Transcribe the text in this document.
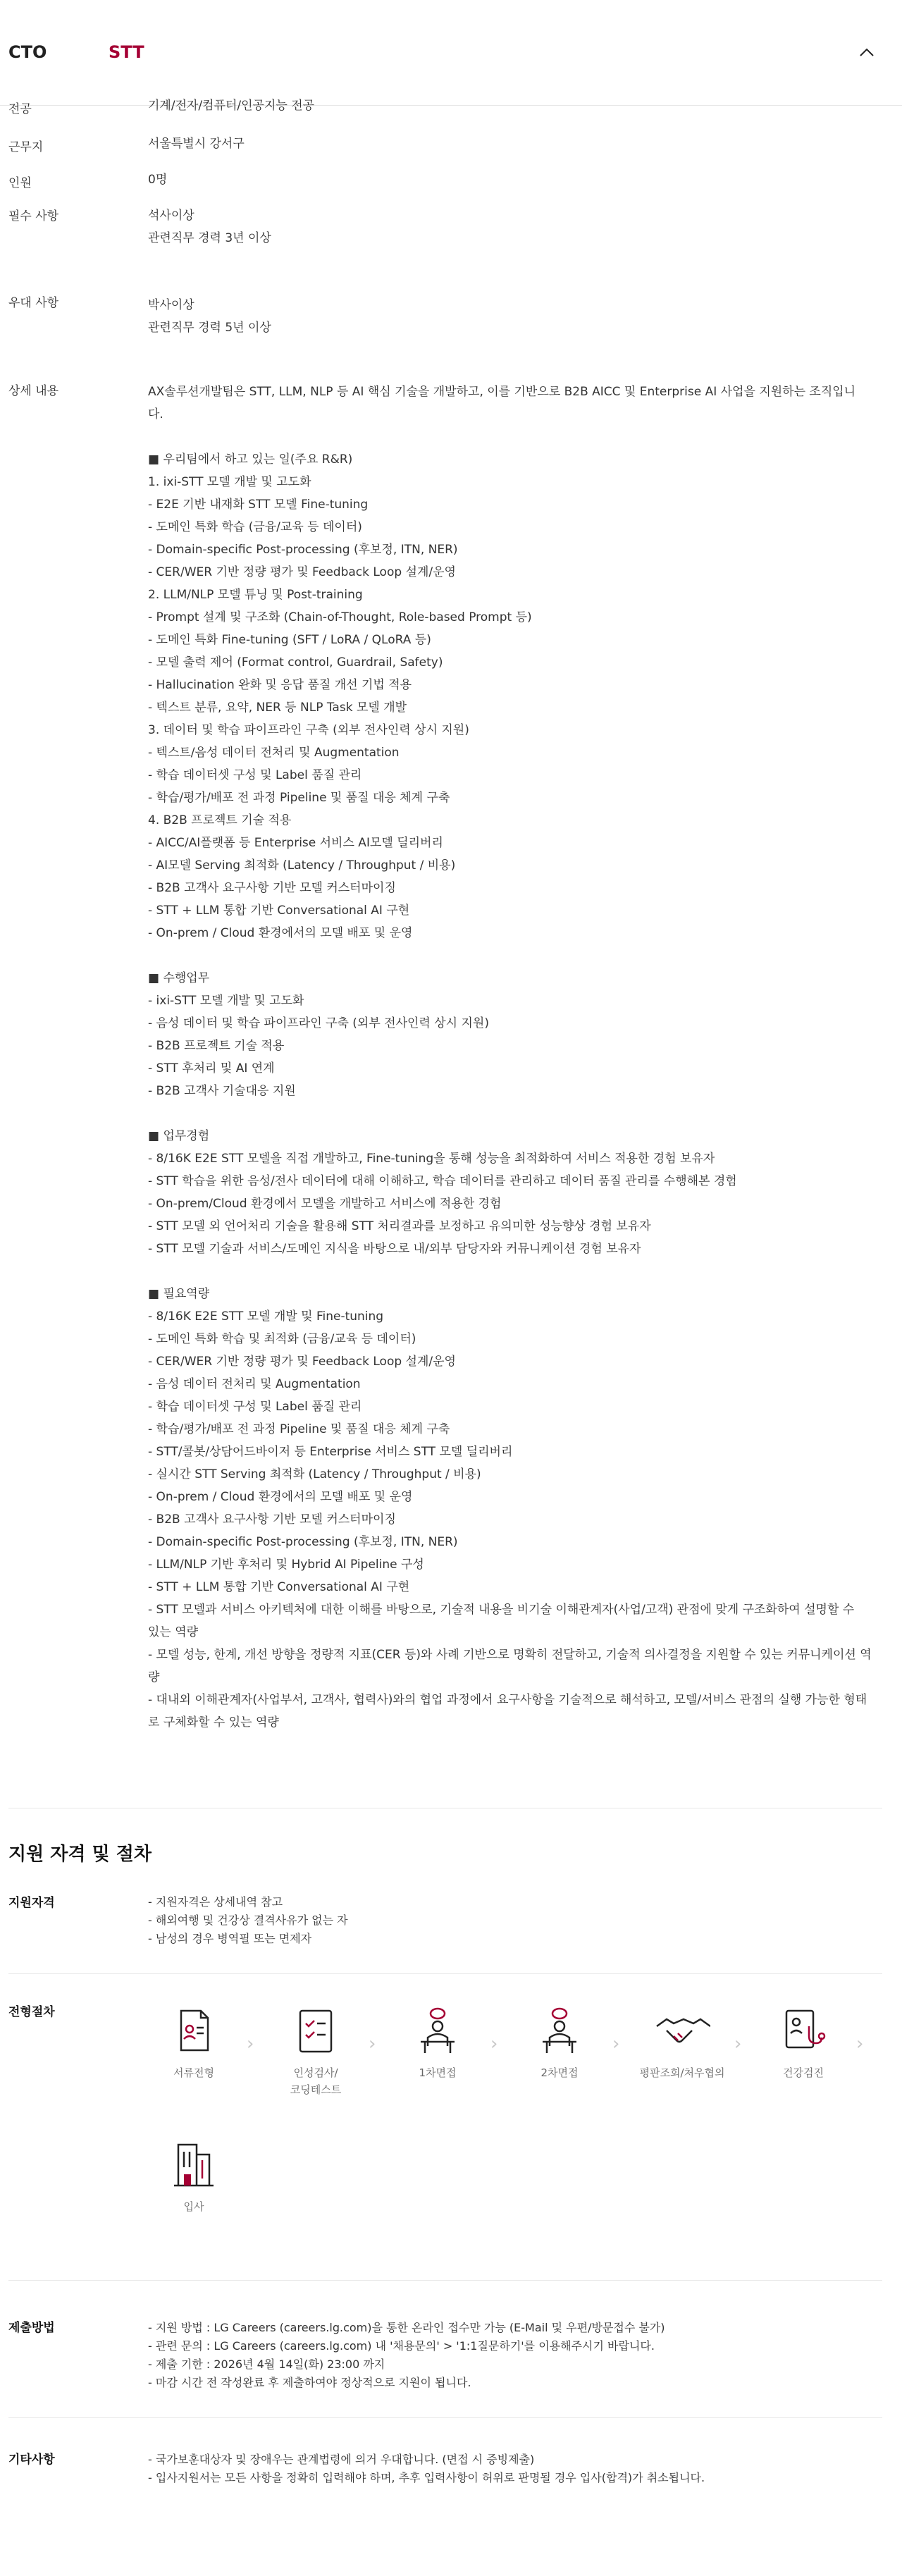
CTO	STT
전공	기계/전자/컴퓨터/인공지능 전공
근무지	서울특별시 강서구
인원	0명
필수 사항	석사이상
관련직무 경력 3년 이상
우대 사항	박사이상
관련직무 경력 5년 이상
상세 내용	AX솔루션개발팀은 STT, LLM, NLP 등 AI 핵심 기술을 개발하고, 이를 기반으로 B2B AICC 및 Enterprise AI 사업을 지원하는 조직입니
다.

■ 우리팀에서 하고 있는 일(주요 R&R)
1. ixi-STT 모델 개발 및 고도화
- E2E 기반 내재화 STT 모델 Fine-tuning
- 도메인 특화 학습 (금융/교육 등 데이터)
- Domain-specific Post-processing (후보정, ITN, NER)
- CER/WER 기반 정량 평가 및 Feedback Loop 설계/운영
2. LLM/NLP 모델 튜닝 및 Post-training
- Prompt 설계 및 구조화 (Chain-of-Thought, Role-based Prompt 등)
- 도메인 특화 Fine-tuning (SFT / LoRA / QLoRA 등)
- 모델 출력 제어 (Format control, Guardrail, Safety)
- Hallucination 완화 및 응답 품질 개선 기법 적용
- 텍스트 분류, 요약, NER 등 NLP Task 모델 개발
3. 데이터 및 학습 파이프라인 구축 (외부 전사인력 상시 지원)
- 텍스트/음성 데이터 전처리 및 Augmentation
- 학습 데이터셋 구성 및 Label 품질 관리
- 학습/평가/배포 전 과정 Pipeline 및 품질 대응 체계 구축
4. B2B 프로젝트 기술 적용
- AICC/AI플랫폼 등 Enterprise 서비스 AI모델 딜리버리
- AI모델 Serving 최적화 (Latency / Throughput / 비용)
- B2B 고객사 요구사항 기반 모델 커스터마이징
- STT + LLM 통합 기반 Conversational AI 구현
- On-prem / Cloud 환경에서의 모델 배포 및 운영

■ 수행업무
- ixi-STT 모델 개발 및 고도화
- 음성 데이터 및 학습 파이프라인 구축 (외부 전사인력 상시 지원)
- B2B 프로젝트 기술 적용
- STT 후처리 및 AI 연계
- B2B 고객사 기술대응 지원

■ 업무경험
- 8/16K E2E STT 모델을 직접 개발하고, Fine-tuning을 통해 성능을 최적화하여 서비스 적용한 경험 보유자
- STT 학습을 위한 음성/전사 데이터에 대해 이해하고, 학습 데이터를 관리하고 데이터 품질 관리를 수행해본 경험
- On-prem/Cloud 환경에서 모델을 개발하고 서비스에 적용한 경험
- STT 모델 외 언어처리 기술을 활용해 STT 처리결과를 보정하고 유의미한 성능향상 경험 보유자
- STT 모델 기술과 서비스/도메인 지식을 바탕으로 내/외부 담당자와 커뮤니케이션 경험 보유자

■ 필요역량
- 8/16K E2E STT 모델 개발 및 Fine-tuning
- 도메인 특화 학습 및 최적화 (금융/교육 등 데이터)
- CER/WER 기반 정량 평가 및 Feedback Loop 설계/운영
- 음성 데이터 전처리 및 Augmentation
- 학습 데이터셋 구성 및 Label 품질 관리
- 학습/평가/배포 전 과정 Pipeline 및 품질 대응 체계 구축
- STT/콜봇/상담어드바이저 등 Enterprise 서비스 STT 모델 딜리버리
- 실시간 STT Serving 최적화 (Latency / Throughput / 비용)
- On-prem / Cloud 환경에서의 모델 배포 및 운영
- B2B 고객사 요구사항 기반 모델 커스터마이징
- Domain-specific Post-processing (후보정, ITN, NER)
- LLM/NLP 기반 후처리 및 Hybrid AI Pipeline 구성
- STT + LLM 통합 기반 Conversational AI 구현
- STT 모델과 서비스 아키텍처에 대한 이해를 바탕으로, 기술적 내용을 비기술 이해관계자(사업/고객) 관점에 맞게 구조화하여 설명할 수
있는 역량
- 모델 성능, 한계, 개선 방향을 정량적 지표(CER 등)와 사례 기반으로 명확히 전달하고, 기술적 의사결정을 지원할 수 있는 커뮤니케이션 역
량
- 대내외 이해관계자(사업부서, 고객사, 협력사)와의 협업 과정에서 요구사항을 기술적으로 해석하고, 모델/서비스 관점의 실행 가능한 형태
로 구체화할 수 있는 역량
지원 자격 및 절차
지원자격	- 지원자격은 상세내역 참고
- 해외여행 및 건강상 결격사유가 없는 자
- 남성의 경우 병역필 또는 면제자
전형절차
서류전형
›
인성검사/
코딩테스트
›
1차면접
›
2차면접
›
평판조회/처우협의
›
건강검진
›
입사
제출방법	- 지원 방법 : LG Careers (careers.lg.com)을 통한 온라인 접수만 가능 (E-Mail 및 우편/방문접수 불가)
- 관련 문의 : LG Careers (careers.lg.com) 내 '채용문의' > '1:1질문하기'를 이용해주시기 바랍니다.
- 제출 기한 : 2026년 4월 14일(화) 23:00 까지
- 마감 시간 전 작성완료 후 제출하여야 정상적으로 지원이 됩니다.
기타사항	- 국가보훈대상자 및 장애우는 관계법령에 의거 우대합니다. (면접 시 증빙제출)
- 입사지원서는 모든 사항을 정확히 입력해야 하며, 추후 입력사항이 허위로 판명될 경우 입사(합격)가 취소됩니다.
